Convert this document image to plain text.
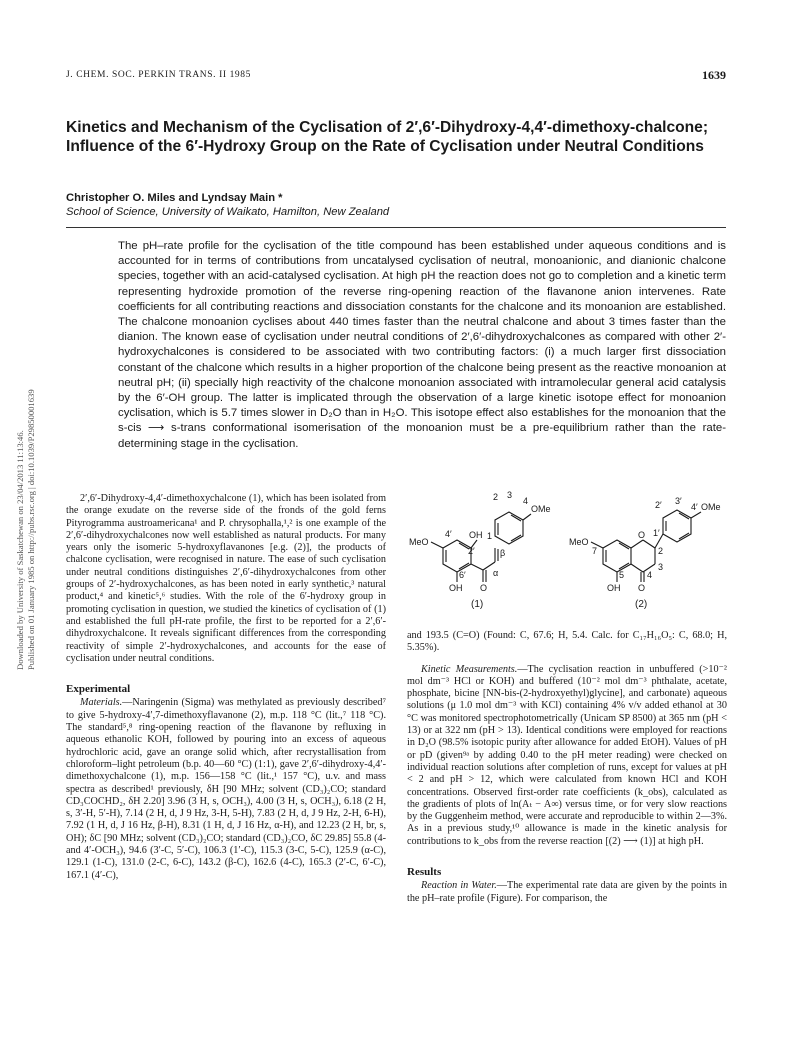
J. CHEM. SOC. PERKIN TRANS. II 1985	1639
Downloaded by University of Saskatchewan on 23/04/2013 11:13:46. Published on 01 January 1985 on http://pubs.rsc.org | doi:10.1039/P29850001639
Kinetics and Mechanism of the Cyclisation of 2′,6′-Dihydroxy-4,4′-dimethoxy-chalcone; Influence of the 6′-Hydroxy Group on the Rate of Cyclisation under Neutral Conditions
Christopher O. Miles and Lyndsay Main *
School of Science, University of Waikato, Hamilton, New Zealand

The pH–rate profile for the cyclisation of the title compound has been established under aqueous conditions and is accounted for in terms of contributions from uncatalysed cyclisation of neutral, monoanionic, and dianionic chalcone species, together with an acid-catalysed cyclisation. At high pH the reaction does not go to completion and a kinetic term representing hydroxide promotion of the reverse ring-opening reaction of the flavanone anion intervenes. Rate coefficients for all contributing reactions and dissociation constants for the chalcone and its monoanion are established. The chalcone monoanion cyclises about 440 times faster than the neutral chalcone and about 3 times faster than the dianion. The known ease of cyclisation under neutral conditions of 2′,6′-dihydroxychalcones as compared with other 2′-hydroxychalcones is considered to be associated with two contributing factors: (i) a much larger first dissociation constant of the chalcone which results in a higher proportion of the chalcone being present as the reactive monoanion at neutral pH; (ii) specially high reactivity of the chalcone monoanion associated with intramolecular general acid catalysis by the 6′-OH group. The latter is implicated through the observation of a large kinetic isotope effect for monoanion cyclisation, which is 5.7 times slower in D₂O than in H₂O. This isotope effect also establishes for the monoanion that the s-cis ⟶ s-trans conformational isomerisation of the monoanion must be a pre-equilibrium rather than the rate-determining stage in the cyclisation.

2′,6′-Dihydroxy-4,4′-dimethoxychalcone (1), which has been isolated from the orange exudate on the reverse side of the fronds of the gold ferns Pityrogramma austroamericana¹ and P. chrysophalla,¹,² is one example of the 2′,6′-dihydroxychalcones now well established as natural products. For many years only the isomeric 5-hydroxyflavanones [e.g. (2)], the products of chalcone cyclisation, were recognised in nature. The ease of such cyclisation under neutral conditions distinguishes 2′,6′-dihydroxychalcones from other groups of 2′-hydroxychalcones, as has been noted in early synthetic,³ natural product,⁴ and kinetic⁵,⁶ studies. With the role of the 6′-hydroxy group in promoting cyclisation in question, we studied the kinetics of cyclisation of (1) and established the full pH-rate profile, the first to be reported for a 2′,6′-dihydroxychalcone. It reveals significant differences from the corresponding reactivity of simple 2′-hydroxychalcones, and accounts for the ease of cyclisation under neutral conditions.

Experimental

Materials.—Naringenin (Sigma) was methylated as previously described⁷ to give 5-hydroxy-4′,7-dimethoxyflavanone (2), m.p. 118 °C (lit.,⁷ 118 °C). The standard⁵,⁸ ring-opening reaction of the flavanone by refluxing in aqueous ethanolic KOH, followed by pouring into an excess of aqueous hydrochloric acid, gave an orange solid which, after recrystallisation from chloroform–light petroleum (b.p. 40—60 °C) (1:1), gave 2′,6′-dihydroxy-4,4′-dimethoxychalcone (1), m.p. 156—158 °C (lit.,¹ 157 °C), u.v. and mass spectra as described¹ previously, δH [90 MHz; solvent (CD₃)₂CO; standard CD₃COCHD₂, δH 2.20] 3.96 (3 H, s, OCH₃), 4.00 (3 H, s, OCH₃), 6.18 (2 H, s, 3′-H, 5′-H), 7.14 (2 H, d, J 9 Hz, 3-H, 5-H), 7.83 (2 H, d, J 9 Hz, 2-H, 6-H), 7.92 (1 H, d, J 16 Hz, β-H), 8.31 (1 H, d, J 16 Hz, α-H), and 12.23 (2 H, br, s, OH); δC [90 MHz; solvent (CD₃)₂CO; standard (CD₃)₂CO, δC 29.85] 55.8 (4- and 4′-OCH₃), 94.6 (3′-C, 5′-C), 106.3 (1′-C), 115.3 (3-C, 5-C), 125.9 (α-C), 129.1 (1-C), 131.0 (2-C, 6-C), 143.2 (β-C), 162.6 (4-C), 165.3 (2′-C, 6′-C), 167.1 (4′-C),

MeO
OH
OH O
OMe
2 3
4
1
4′
2′
6′
β
α
(1)
MeO
7
O
OH O
5
2
3
4
1′
2′ 3′
4′ OMe
(2)

and 193.5 (C=O) (Found: C, 67.6; H, 5.4. Calc. for C₁₇H₁₆O₅: C, 68.0; H, 5.35%).

Kinetic Measurements.—The cyclisation reaction in unbuffered (>10⁻² mol dm⁻³ HCl or KOH) and buffered (10⁻² mol dm⁻³ phthalate, acetate, phosphate, bicine [NN-bis-(2-hydroxyethyl)glycine], and carbonate) aqueous solutions (μ 1.0 mol dm⁻³ with KCl) containing 4% v/v added ethanol at 30 °C was monitored spectrophotometrically (Unicam SP 8500) at 365 nm (pH < 13) or at 322 nm (pH > 13). Identical conditions were employed for reactions in D₂O (98.5% isotopic purity after allowance for added EtOH). Values of pH or pD (given⁹ᵃ by adding 0.40 to the pH meter reading) were checked on individual reaction solutions after completion of runs, except for values at pH < 2 and pH > 12, which were calculated from known HCl and KOH concentrations. Observed first-order rate coefficients (k_obs), calculated as the gradients of plots of ln(Aₜ − A∞) versus time, or for very slow reactions by the Guggenheim method, were accurate and reproducible to within 2—3%. As in a previous study,¹⁰ allowance is made in the kinetic analysis for contributions to k_obs from the reverse reaction [(2) ⟶ (1)] at high pH.

Results

Reaction in Water.—The experimental rate data are given by the points in the pH–rate profile (Figure). For comparison, the
